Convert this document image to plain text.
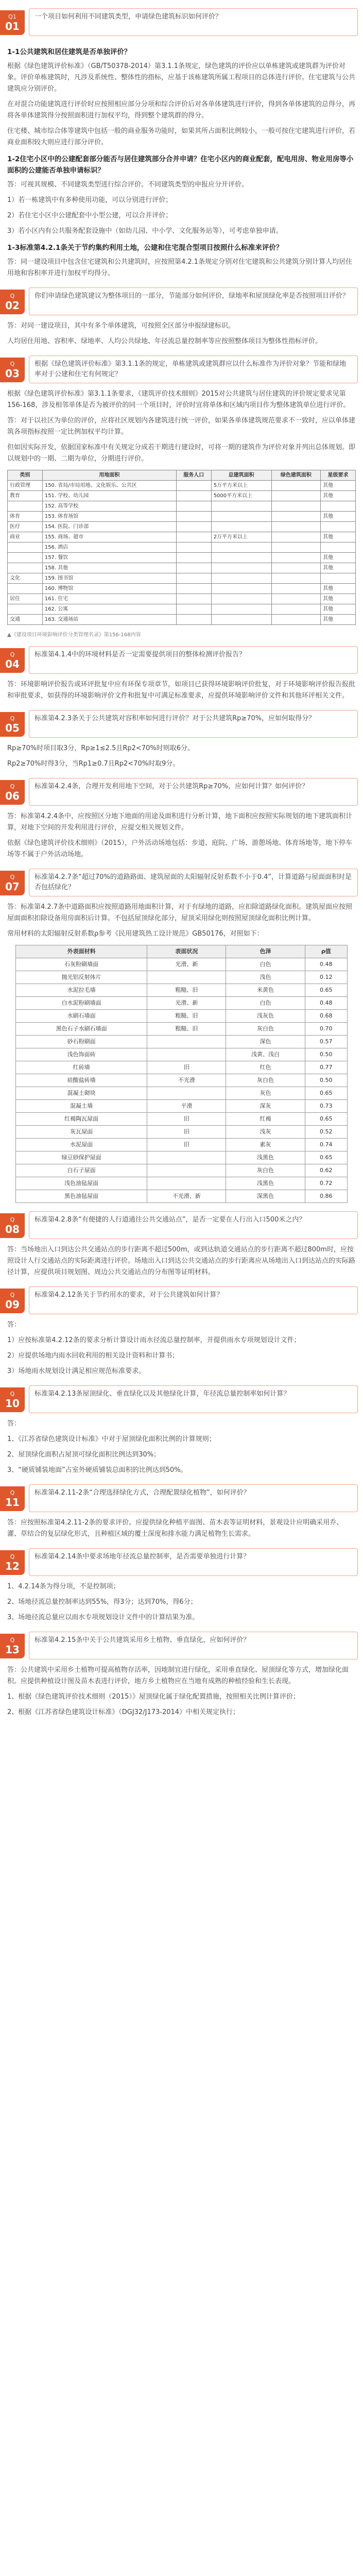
Q1
01
一个项目如何利用不同建筑类型，申请绿色建筑标识如何评价？
1-1公共建筑和居住建筑是否单独评价？

根据《绿色建筑评价标准》（GB/T50378-2014）第3.1.1条规定，绿色建筑的评价应以单栋建筑或建筑群为评价对象。评价单栋建筑时，凡涉及系统性、整体性的指标，应基于该栋建筑所属工程项目的总体进行评价。住宅建筑与公共建筑应分别评价。

在对混合功能建筑进行评价时应按照相应部分分项和综合评价后对各单体建筑进行评价，得到各单体建筑的总得分，再将各单体建筑得分按照面积进行加权平均，得到整个建筑群的得分。

住宅楼、城市综合体等建筑中包括一般的商业服务功能时，如果其所占面积比例较小，一般可按住宅建筑进行评价，若商业面积较大则应进行部分评价。

1-2住宅小区中的公建配套部分能否与居住建筑部分合并申请？住宅小区内的商业配套，配电用房、物业用房等小面积的公建能否单独申请标识？

答：可视其规模、不同建筑类型进行综合评价。不同建筑类型的申报应分开评价。

1）若一栋建筑中有多种使用功能，可以分别进行评价；

2）若住宅小区中公建配套中小型公建，可以合并评价；

3）若小区内有公共服务配套设施中（如幼儿园、中小学、文化服务站等），可考虑单独申请。

1-3标准第4.2.1条关于节约集约利用土地，公建和住宅混合型项目按照什么标准来评价？

答：同一建设项目中包含住宅建筑和公共建筑时，应按照第4.2.1条规定分别对住宅建筑和公共建筑分别计算人均居住用地和容积率并进行加权平均得分。

Q
02
你们申请绿色建筑建议为整体项目的一部分，节能部分如何评价，绿地率和屋顶绿化率是否按照项目评价？

答：对同一建设项目，其中有多个单体建筑，可按照全区部分申报绿建标识。

人均居住用地、容积率、绿地率、人均公共绿地、年径流总量控制率等应按照整体项目为整体性指标评价。

Q
03
根据《绿色建筑评价标准》第3.1.1条的规定，单栋建筑或建筑群应以什么标准作为评价对象？节能和绿地率对于公建和住宅有何规定？

根据《绿色建筑评价标准》第3.1.1条要求，《建筑评价技术细则》2015对公共建筑与居住建筑的评价规定要求见第156-168，涉及相邻单体是否为被评价的同一个项目时，评价时宜将单体和区域内项目作为整体建筑单位进行评价。

答：对于以社区为单位的评价，应将社区规划内各建筑进行统一评价，如果各单体建筑规范要求不一致时，应以单体建筑各项指标按照一定比例加权平均计算。

但如因实际开发，依据国家标准中有关规定分成若干期进行建设时，可将一期的建筑作为评价对象并列出总体规划。即以规划中的一期、二期为单位，分期进行评价。

类别	用地面积	服务人口	总建筑面积	绿色建筑面积	星级要求
行政管理	150. 省局/市局用地、文化娱乐、公共区		5万平方米以上		其他
教育	151. 学校、幼儿园		5000平方米以上		其他
	152. 高等学校				
体育	153. 体育场馆				其他
医疗	154. 医院、门诊部				
商业	155. 商场、超市		2万平方米以上		其他
	156. 酒店				
	157. 餐饮				其他
	158. 其他				其他
文化	159. 图书馆				
	160. 博物馆				其他
居住	161. 住宅				其他
	162. 公寓				其他
交通	163. 交通场站				其他
▲《建设项目环境影响评价分类管理名录》第156-168内容
Q
04
标准第4.1.4中的环境材料是否一定需要提供项目的整体检测评价报告？

答：环境影响评价报告或环评批复中应有环保专项章节，如项目已获得环境影响评价批复，对于环境影响评价报告报批和审批要求，如获得的环境影响评价文件和批复中可满足标准要求，应提供环境影响评价文件和其他环评相关文件。

Q
05
标准第4.2.3条关于公共建筑对容积率如何进行评价？对于公共建筑Rp≥70%，应如何取得分？

Rp≥70%时项目取3分，Rp≥1≤2.5且Rp2<70%时则取6分。

Rp2≥70%时得3分，当Rp1≥0.7且Rp2<70%时取9分。

Q
06
标准第4.2.4条，合理开发利用地下空间，对于公共建筑Rp≥70%，应如何计算？如何评价？

答：标准第4.2.4条中，应按照区分地下地面的用途及面积进行分析计算，地下面积应按照实际规划的地下建筑面积计算，对地下空间的开发利用进行评价，应提交相关规划文件。

依据《绿色建筑评价技术细则》（2015），户外活动场地包括：步道、庭院、广场、游憩场地、体育场地等，地下停车场等不属于户外活动场地。

Q
07
标准第4.2.7条“超过70%的道路路面、建筑屋面的太阳辐射反射系数不小于0.4”，计算道路与屋面面积时是否包括绿化？

答：标准第4.2.7条中道路面积应按照道路用地面积计算，对于有绿地的道路，应扣除道路绿化面积。建筑屋面应按照屋面面积扣除设备用房面积后计算。不包括屋顶绿化部分，屋顶采用绿化则按照屋顶绿化面积比例计算。

常用材料的太阳辐射反射系数ρ参考《民用建筑热工设计规范》GB50176，对照如下：

外表面材料	表面状况	色泽	ρ值
石灰粉刷墙面	光滑、新	白色	0.48
抛光铝反射体片		浅色	0.12
水泥拉毛墙	粗糙、旧	米黄色	0.65
白水泥粉刷墙面	光滑、新	白色	0.48
水刷石墙面	粗糙、旧	浅灰色	0.68
黑色石子水刷石墙面	粗糙、旧	灰白色	0.70
砂石粉刷面		深色	0.57
浅色饰面砖		浅黄、浅白	0.50
红砖墙	旧	红色	0.77
硅酸盐砖墙	不光滑	灰白色	0.50
混凝土砌块		灰色	0.65
混凝土墙	平滑	深灰	0.73
红褐陶瓦屋面	旧	红褐	0.65
灰瓦屋面	旧	浅灰	0.52
水泥屋面	旧	素灰	0.74
绿豆砂保护屋面		浅黑色	0.65
白石子屋面		灰白色	0.62
浅色油毡屋面		浅黑色	0.72
黑色油毡屋面	不光滑、新	深黑色	0.86
Q
08
标准第4.2.8条“有便捷的人行道通往公共交通站点”，是否一定要在人行出入口500米之内？

答：当场地出入口到达公共交通站点的步行距离不超过500m，或到达轨道交通站点的步行距离不超过800m时，应按照设计人行交通站点的实际距离进行评价。场地出入口到达公共交通站点的步行距离应从场地出入口到达站点的实际路径计算，应提供项目规划图、周边公共交通站点的分布图等证明材料。

Q
09
标准第4.2.12条关于节约用水的要求，对于公共建筑如何计算？

答：

1）应按标准第4.2.12条的要求分析计算设计雨水径流总量控制率，并提供雨水专项规划设计文件；

2）应提供场地内雨水回收利用的相关设计资料和计算书；

3）场地雨水规划设计满足相应规范标准要求。

Q
10
标准第4.2.13条屋顶绿化、垂直绿化以及其他绿化计算，年径流总量控制率如何计算？

答：

1、《江苏省绿色建筑设计标准》中对于屋顶绿化面积比例的计算规则；

2、屋顶绿化面积占屋顶可绿化面积比例达到30%；

3、“硬质铺装地面”占室外硬质铺装总面积的比例达到50%。

Q
11
标准第4.2.11-2条“合理选择绿化方式，合理配置绿化植物”，如何评价？

答：应按照标准第4.2.11-2条的要求评价。应提供绿化种植平面图、苗木表等证明材料，景观设计应明确采用乔、灌、草结合的复层绿化形式，且种植区域的覆土深度和排水能力满足植物生长需求。

Q
12
标准第4.2.14条中要求场地年径流总量控制率，是否需要单独进行计算？

1、4.2.14条为得分项，不是控制项；

2、场地径流总量控制率达到55%，得3分；达到70%，得6分；

3、场地径流总量应以雨水专项规划设计文件中的计算结果为准。

Q
13
标准第4.2.15条中关于公共建筑采用乡土植物、垂直绿化，应如何评价？

答：公共建筑中采用乡土植物可提高植物存活率，因地制宜进行绿化，采用垂直绿化、屋顶绿化等方式，增加绿化面积。应提供种植设计图及苗木表进行评价，地方乡土植物应在当地有成熟的种植经验和生长表现。

1、根据《绿色建筑评价技术细则（2015）》屋顶绿化属于绿化配置措施，按照相关比例计算评价；

2、根据《江苏省绿色建筑设计标准》（DGJ32/J173-2014）中相关规定执行；
